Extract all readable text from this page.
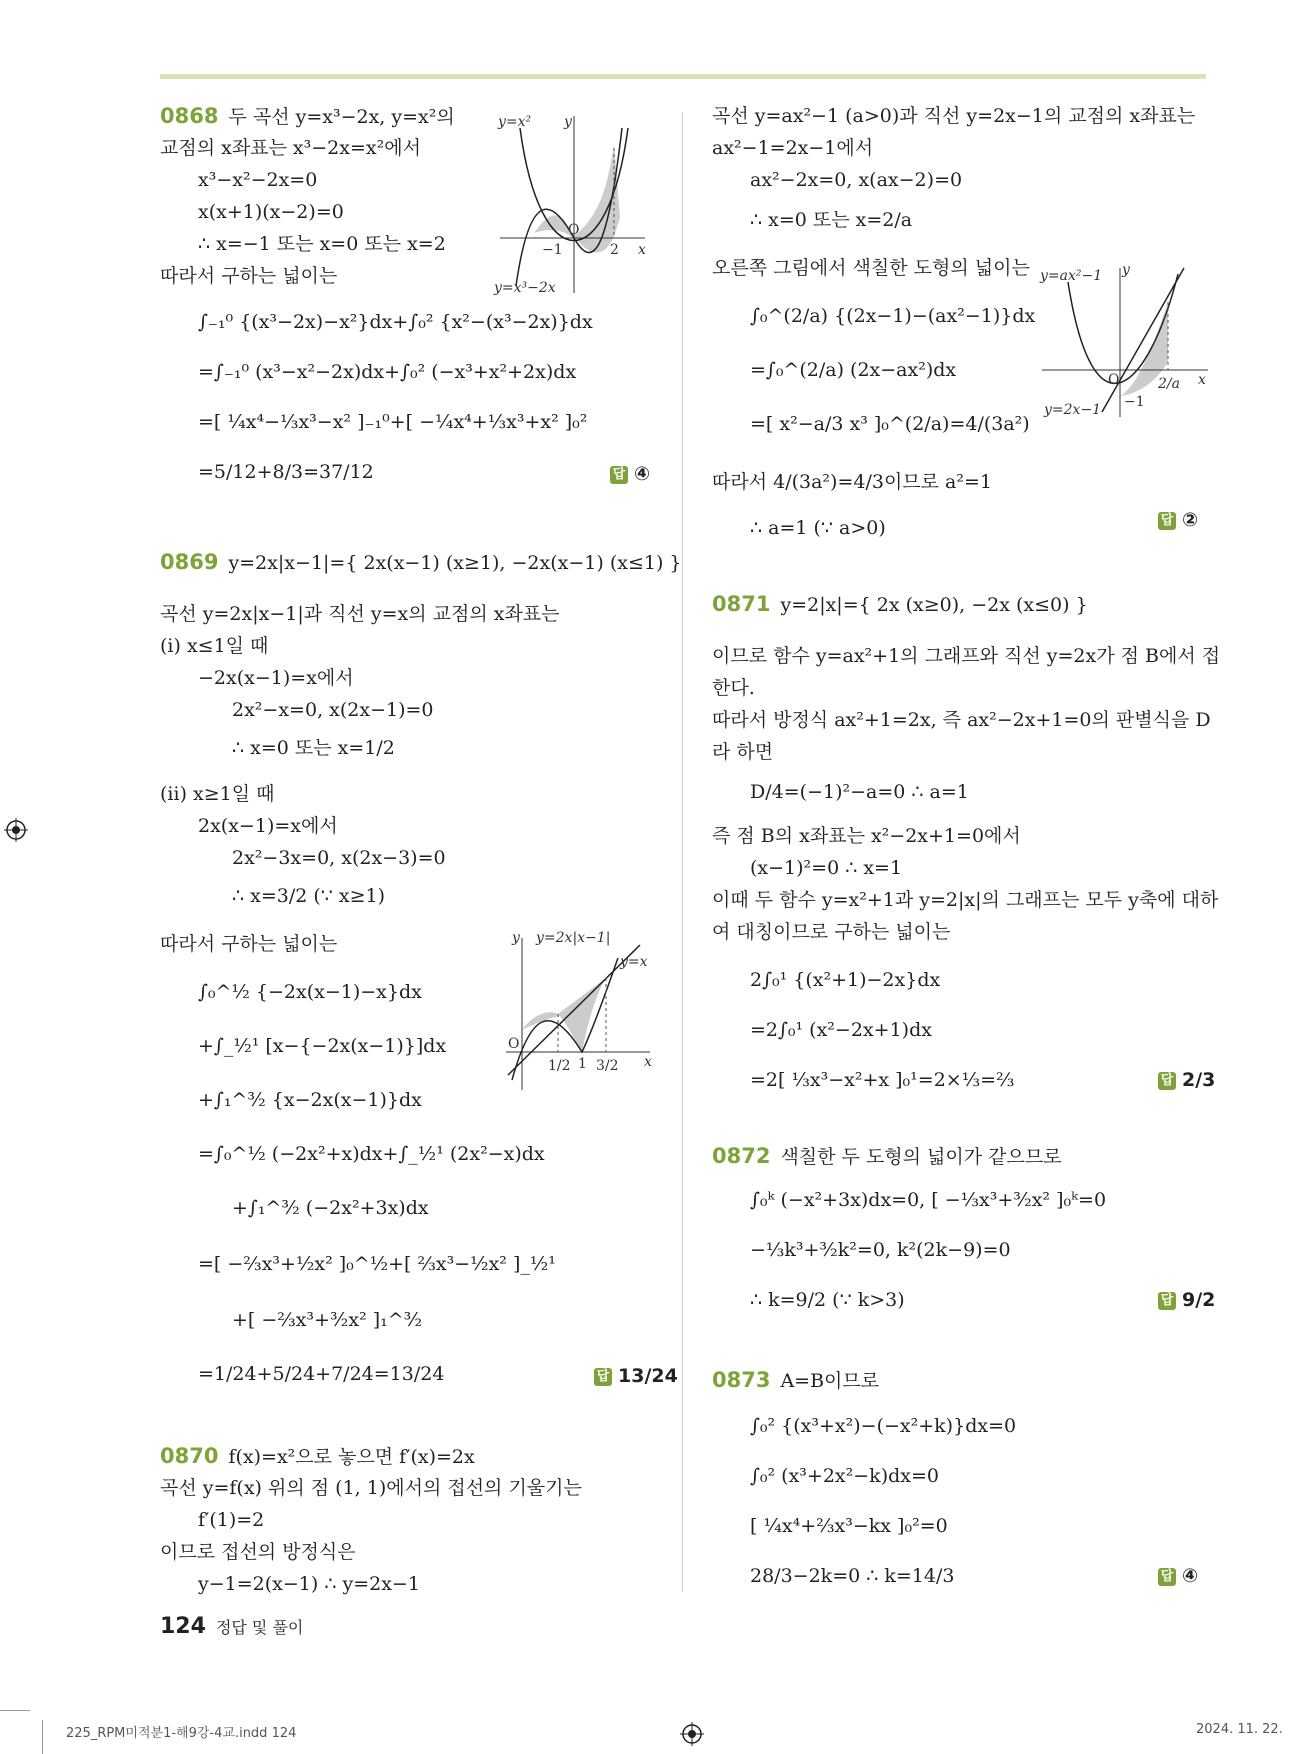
0868 두 곡선 y=x³−2x, y=x²의
교점의 x좌표는 x³−2x=x²에서
x³−x²−2x=0
x(x+1)(x−2)=0
∴ x=−1 또는 x=0 또는 x=2
따라서 구하는 넓이는
∫₋₁⁰ {(x³−2x)−x²}dx+∫₀² {x²−(x³−2x)}dx
=∫₋₁⁰ (x³−x²−2x)dx+∫₀² (−x³+x²+2x)dx
=[ ¼x⁴−⅓x³−x² ]₋₁⁰+[ −¼x⁴+⅓x³+x² ]₀²
=5/12+8/3=37/12
0869 y=2x|x−1|={ 2x(x−1) (x≥1), −2x(x−1) (x≤1) }
곡선 y=2x|x−1|과 직선 y=x의 교점의 x좌표는
(ⅰ) x≤1일 때
−2x(x−1)=x에서
2x²−x=0, x(2x−1)=0
∴ x=0 또는 x=1/2
(ⅱ) x≥1일 때
2x(x−1)=x에서
2x²−3x=0, x(2x−3)=0
∴ x=3/2 (∵ x≥1)
따라서 구하는 넓이는
∫₀^½ {−2x(x−1)−x}dx
+∫_½¹ [x−{−2x(x−1)}]dx
+∫₁^³⁄₂ {x−2x(x−1)}dx
=∫₀^½ (−2x²+x)dx+∫_½¹ (2x²−x)dx
+∫₁^³⁄₂ (−2x²+3x)dx
=[ −⅔x³+½x² ]₀^½+[ ⅔x³−½x² ]_½¹
+[ −⅔x³+³⁄₂x² ]₁^³⁄₂
=1/24+5/24+7/24=13/24
0870 f(x)=x²으로 놓으면 f′(x)=2x
곡선 y=f(x) 위의 점 (1, 1)에서의 접선의 기울기는
f′(1)=2
이므로 접선의 방정식은
y−1=2(x−1) ∴ y=2x−1
곡선 y=ax²−1 (a>0)과 직선 y=2x−1의 교점의 x좌표는
ax²−1=2x−1에서
ax²−2x=0, x(ax−2)=0
∴ x=0 또는 x=2/a
오른쪽 그림에서 색칠한 도형의 넓이는
∫₀^(2/a) {(2x−1)−(ax²−1)}dx
=∫₀^(2/a) (2x−ax²)dx
=[ x²−a/3 x³ ]₀^(2/a)=4/(3a²)
따라서 4/(3a²)=4/3이므로 a²=1
∴ a=1 (∵ a>0)
0871 y=2|x|={ 2x (x≥0), −2x (x≤0) }
이므로 함수 y=ax²+1의 그래프와 직선 y=2x가 점 B에서 접
한다.
따라서 방정식 ax²+1=2x, 즉 ax²−2x+1=0의 판별식을 D
라 하면
D/4=(−1)²−a=0 ∴ a=1
즉 점 B의 x좌표는 x²−2x+1=0에서
(x−1)²=0 ∴ x=1
이때 두 함수 y=x²+1과 y=2|x|의 그래프는 모두 y축에 대하
여 대칭이므로 구하는 넓이는
2∫₀¹ {(x²+1)−2x}dx
=2∫₀¹ (x²−2x+1)dx
=2[ ⅓x³−x²+x ]₀¹=2×⅓=⅔
0872 색칠한 두 도형의 넓이가 같으므로
∫₀ᵏ (−x²+3x)dx=0, [ −⅓x³+³⁄₂x² ]₀ᵏ=0
−⅓k³+³⁄₂k²=0, k²(2k−9)=0
∴ k=9/2 (∵ k>3)
0873 A=B이므로
∫₀² {(x³+x²)−(−x²+k)}dx=0
∫₀² (x³+2x²−k)dx=0
[ ¼x⁴+⅔x³−kx ]₀²=0
28/3−2k=0 ∴ k=14/3
답 ④
답 13/24
답 ②
답 2/3
답 9/2
답 ④
y=x² y
x
O
−1	2
y=x³−2x
y y=2x|x−1|
y=x
x
O
1/2 1 3/2
y=ax²−1 y
x
O
−1
2/a
y=2x−1
124 정답 및 풀이
225_RPM미적분1-해9강-4교.indd 124	2024. 11. 22.
